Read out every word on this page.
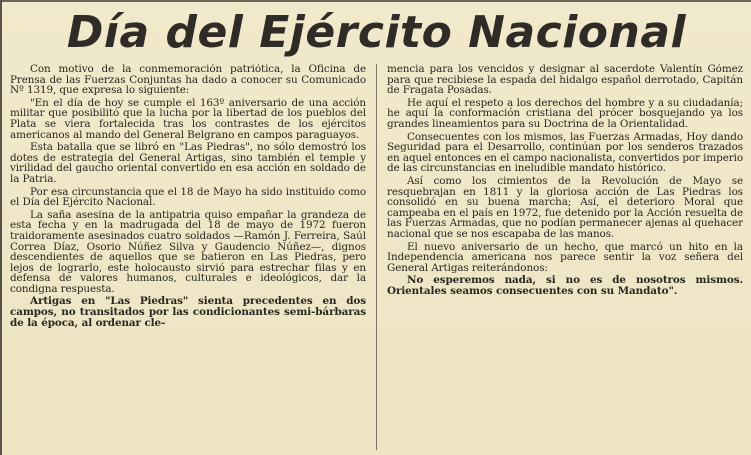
Día del Ejército Nacional

Con motivo de la conmemoración patriótica, la Oficina de Prensa de las Fuerzas Conjuntas ha dado a conocer su Comunicado Nº 1319, que expresa lo siguiente:

"En el día de hoy se cumple el 163º aniversario de una acción militar que posibilitó que la lucha por la libertad de los pueblos del Plata se viera fortalecida tras los contrastes de los ejércitos americanos al mando del General Belgrano en campos paraguayos.

Esta batalla que se libró en "Las Piedras", no sólo demostró los dotes de estrategia del General Artigas, sino también el temple y virilidad del gaucho oriental convertido en esa acción en soldado de la Patria.

Por esa circunstancia que el 18 de Mayo ha sido instituido como el Día del Ejército Nacional.

La saña asesina de la antipatria quiso empañar la grandeza de esta fecha y en la madrugada del 18 de mayo de 1972 fueron traidoramente asesinados cuatro soldados —Ramón J. Ferreira, Saúl Correa Díaz, Osorio Núñez Silva y Gaudencio Núñez—, dignos descendientes de aquellos que se batieron en Las Piedras, pero lejos de lograrlo, este holocausto sirvió para estrechar filas y en defensa de valores humanos, culturales e ideológicos, dar la condigna respuesta.

Artigas en "Las Piedras" sienta precedentes en dos campos, no transitados por las condicionantes semi-bárbaras de la época, al ordenar cle-

mencia para los vencidos y designar al sacerdote Valentín Gómez para que recibiese la espada del hidalgo español derrotado, Capitán de Fragata Posadas.

He aquí el respeto a los derechos del hombre y a su ciudadanía; he aquí la conformación cristiana del prócer bosquejando ya los grandes lineamientos para su Doctrina de la Orientalidad.

Consecuentes con los mismos, las Fuerzas Armadas, Hoy dando Seguridad para el Desarrollo, continúan por los senderos trazados en aquel entonces en el campo nacionalista, convertidos por imperio de las circunstancias en ineludible mandato histórico.

Así como los cimientos de la Revolución de Mayo se resquebrajan en 1811 y la gloriosa acción de Las Piedras los consolidó en su buena marcha; Así, el deterioro Moral que campeaba en el país en 1972, fue detenido por la Acción resuelta de las Fuerzas Armadas, que no podían permanecer ajenas al quehacer nacional que se nos escapaba de las manos.

El nuevo aniversario de un hecho, que marcó un hito en la Independencia americana nos parece sentir la voz señera del General Artigas reiterándonos:

No esperemos nada, si no es de nosotros mismos. Orientales seamos consecuentes con su Mandato".
